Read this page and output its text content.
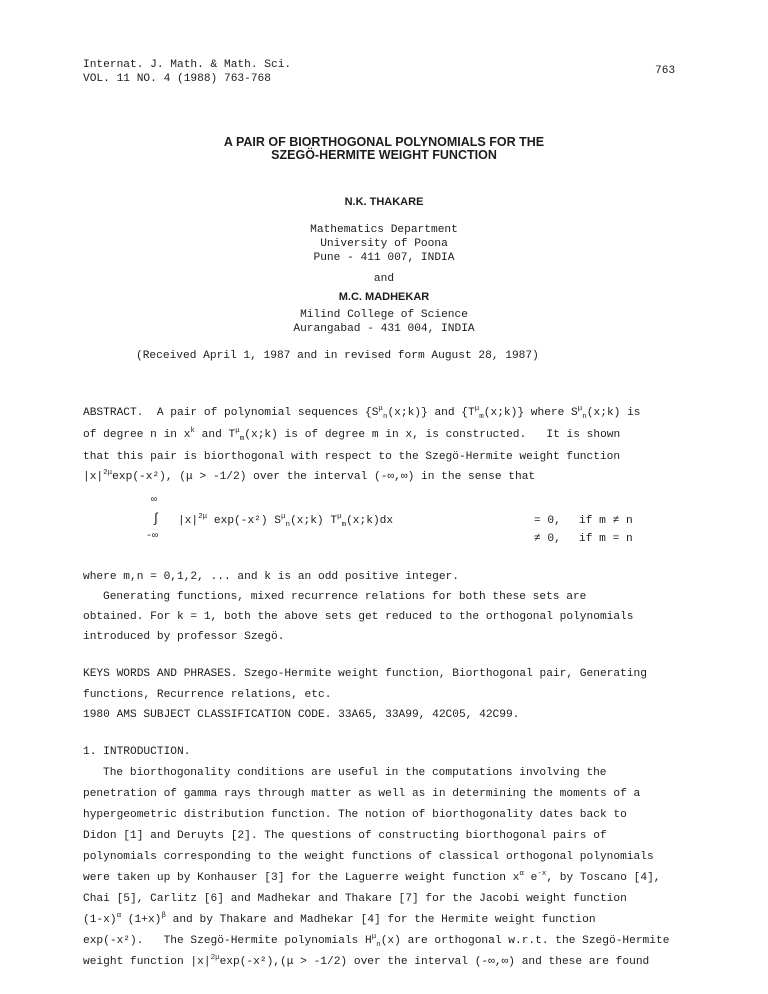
Internat. J. Math. & Math. Sci.
VOL. 11 NO. 4 (1988) 763-768
763
A PAIR OF BIORTHOGONAL POLYNOMIALS FOR THE
SZEGÖ-HERMITE WEIGHT FUNCTION
N.K. THAKARE
Mathematics Department
University of Poona
Pune - 411 007, INDIA
and
M.C. MADHEKAR
Milind College of Science
Aurangabad - 431 004, INDIA
(Received April 1, 1987 and in revised form August 28, 1987)
ABSTRACT.  A pair of polynomial sequences $\{S^\mu_n(x;k)\}$ and $\{T^\mu_m(x;k)\}$ where $S^\mu_n(x;k)$ is
of degree n in $x^k$ and $T^\mu_m(x;k)$ is of degree m in x, is constructed.   It is shown
that this pair is biorthogonal with respect to the Szegö-Hermite weight function
$|x|^{2\mu}\exp(-x^2)$, (μ > -1/2) over the interval (-∞,∞) in the sense that
∞
∫
-∞
$|x|^{2\mu}$ exp(-x²) $S^\mu_n(x;k)$ $T^\mu_m(x;k)dx$	= 0, if m ≠ n
≠ 0, if m = n
where m,n = 0,1,2, ... and k is an odd positive integer.
Generating functions, mixed recurrence relations for both these sets are
obtained. For k = 1, both the above sets get reduced to the orthogonal polynomials
introduced by professor Szegö.
KEYS WORDS AND PHRASES. Szego-Hermite weight function, Biorthogonal pair, Generating
functions, Recurrence relations, etc.
1980 AMS SUBJECT CLASSIFICATION CODE. 33A65, 33A99, 42C05, 42C99.
1. INTRODUCTION.
The biorthogonality conditions are useful in the computations involving the
penetration of gamma rays through matter as well as in determining the moments of a
hypergeometric distribution function. The notion of biorthogonality dates back to
Didon [1] and Deruyts [2]. The questions of constructing biorthogonal pairs of
polynomials corresponding to the weight functions of classical orthogonal polynomials
were taken up by Konhauser [3] for the Laguerre weight function $x^\alpha$ $e^{-x}$, by Toscano [4],
Chai [5], Carlitz [6] and Madhekar and Thakare [7] for the Jacobi weight function
$(1-x)^\alpha$ $(1+x)^\beta$ and by Thakare and Madhekar [4] for the Hermite weight function
exp(-x²).   The Szegö-Hermite polynomials $H^\mu_n(x)$ are orthogonal w.r.t. the Szegö-Hermite
weight function $|x|^{2\mu}\exp(-x^2),(\mu > -1/2)$ over the interval (-∞,∞) and these are found
